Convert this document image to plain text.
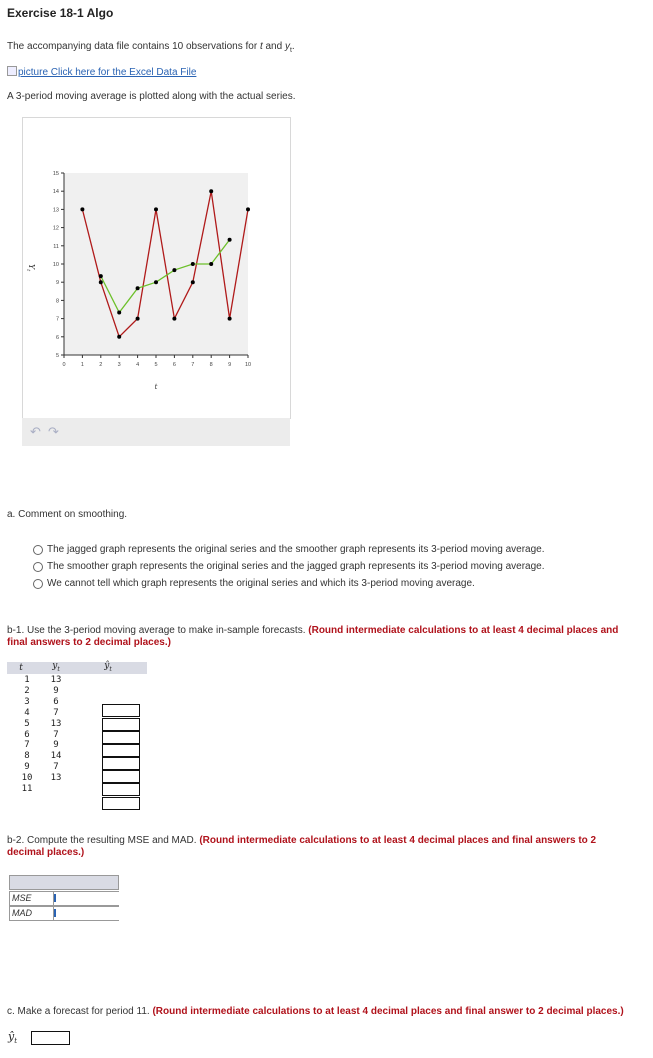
Exercise 18-1 Algo
The accompanying data file contains 10 observations for t and $y_t$.
picture Click here for the Excel Data File
A 3-period moving average is plotted along with the actual series.
5
6
7
8
9
10
11
12
13
14
15
0	1	2	3	4	5	6	7	8	9	10
t
$Y_t$
↶ ↷
a. Comment on smoothing.
The jagged graph represents the original series and the smoother graph represents its 3-period moving average.
The smoother graph represents the original series and the jagged graph represents its 3-period moving average.
We cannot tell which graph represents the original series and which its 3-period moving average.
b-1. Use the 3-period moving average to make in-sample forecasts. (Round intermediate calculations to at least 4 decimal places and final answers to 2 decimal places.)
t	$y_t$	$ŷ_t$
1	13
2	9
3	6
4	7
5	13
6	7
7	9
8	14
9	7
10	13
11
b-2. Compute the resulting MSE and MAD. (Round intermediate calculations to at least 4 decimal places and final answers to 2 decimal places.)
MSE
MAD
c. Make a forecast for period 11. (Round intermediate calculations to at least 4 decimal places and final answer to 2 decimal places.)
$ŷ_t$
